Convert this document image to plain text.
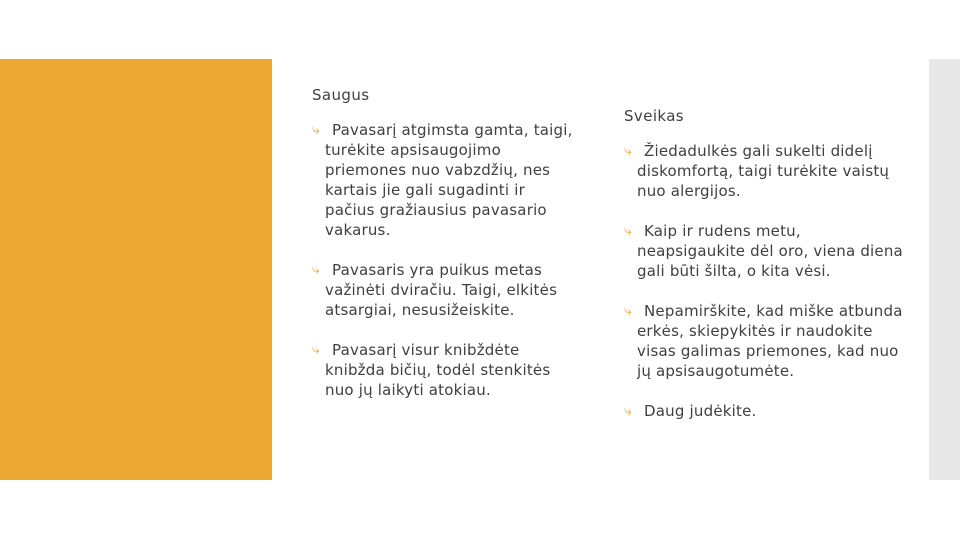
Saugus
⤷ Pavasarį atgimsta gamta, taigi, turėkite apsisaugojimo priemones nuo vabzdžių, nes kartais jie gali sugadinti ir pačius gražiausius pavasario vakarus.
⤷ Pavasaris yra puikus metas važinėti dviračiu. Taigi, elkitės atsargiai, nesusižeiskite.
⤷ Pavasarį visur knibždėte knibžda bičių, todėl stenkitės nuo jų laikyti atokiau.
Sveikas
⤷ Žiedadulkės gali sukelti didelį diskomfortą, taigi turėkite vaistų nuo alergijos.
⤷ Kaip ir rudens metu, neapsigaukite dėl oro, viena diena gali būti šilta, o kita vėsi.
⤷ Nepamirškite, kad miške atbunda erkės, skiepykitės ir naudokite visas galimas priemones, kad nuo jų apsisaugotumėte.
⤷ Daug judėkite.
